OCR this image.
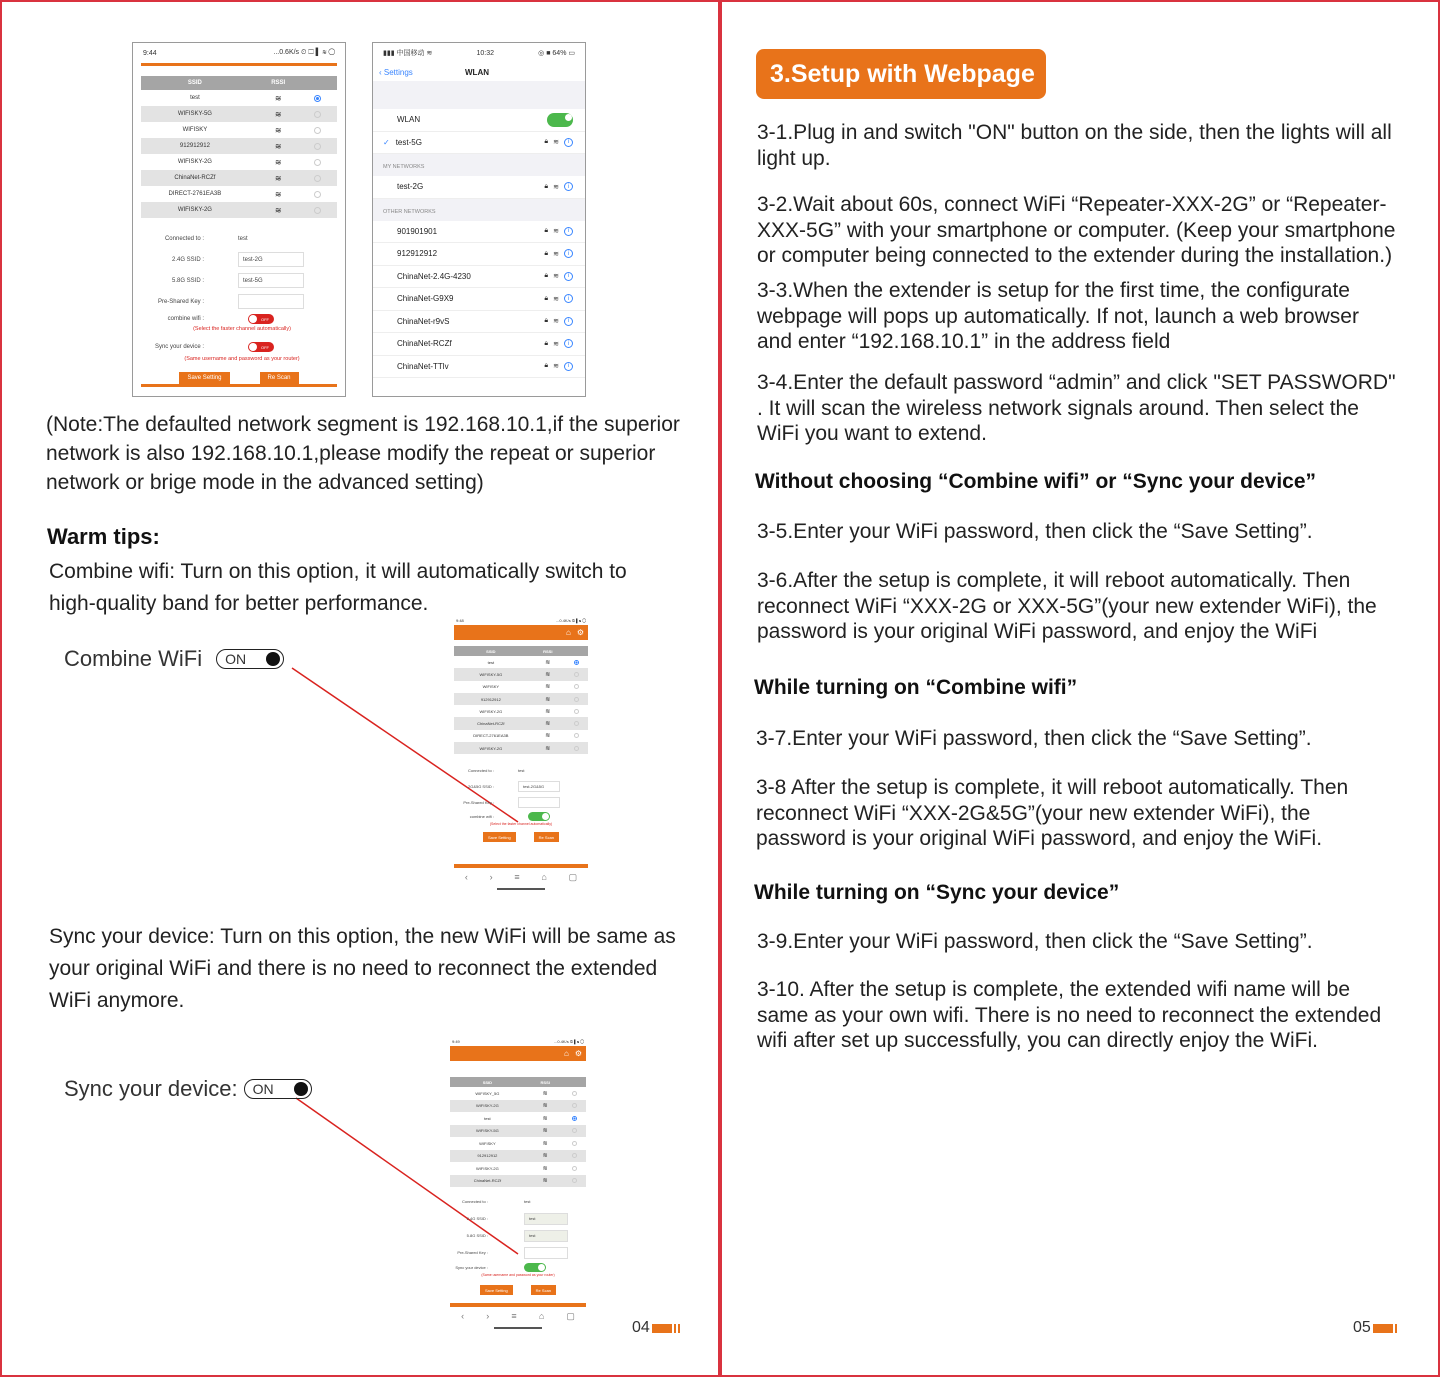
9:44	...0.6K/s ⏲ ☐ ▌ ≋ ◯
SSID	RSSI
test	≋
WIFISKY-5G	≋
WIFISKY	≋
912912912	≋
WIFISKY-2G	≋
ChinaNet-RCZf	≋
DIRECT-2761EA3B	≋
WIFISKY-2G	≋
Connected to :	test
2.4G SSID :	test-2G
5.8G SSID :	test-5G
Pre-Shared Key :
combine wifi :	OFF
(Select the faster channel automatically)
Sync your device :	OFF
(Same username and password as your router)
Save Setting	Re Scan
▮▮▮ 中国移动 ≋	10:32	◎ ■ 64% ▭
‹ Settings	WLAN
WLAN
✓ test-5G	🔒︎ ≋	i
MY NETWORKS
test-2G	🔒︎ ≋	i
OTHER NETWORKS
901901901	🔒︎ ≋	i
912912912	🔒︎ ≋	i
ChinaNet-2.4G-4230	🔒︎ ≋	i
ChinaNet-G9X9	🔒︎ ≋	i
ChinaNet-r9vS	🔒︎ ≋	i
ChinaNet-RCZf	🔒︎ ≋	i
ChinaNet-TTlv	🔒︎ ≋	i
(Note:The defaulted network segment is 192.168.10.1,if the superior network is also 192.168.10.1,please modify the repeat or superior network or brige mode in the advanced setting)
Warm tips:
Combine wifi: Turn on this option, it will automatically switch to high-quality band for better performance.
Combine WiFi ON
9:48	...0.4K/s ⏲ ▌≋ ◯
⌂ ⚙
SSID	RSSI
test	≋
WIFISKY-5G	≋
WIFISKY	≋
912912912	≋
WIFISKY-2G	≋
ChinaNet-RCZf	≋
DIRECT-2761EA3B	≋
WIFISKY-2G	≋
Connected to :	test
2G&5G SSID :	test-2G&5G
Pre-Shared Key :
combine wifi :
(Select the faster channel automatically)
Save Setting	Re Scan
‹ › ≡ ⌂ ▢
Sync your device: Turn on this option, the new WiFi will be same as your original WiFi and there is no need to reconnect the extended WiFi anymore.
Sync your device: ON
9:49	...0.4K/s ⏲ ▌≋ ◯
⌂ ⚙
SSID	RSSI
WIFISKY_5G	≋
WIFISKY-2G	≋
test	≋
WIFISKY-5G	≋
WIFISKY	≋
912912912	≋
WIFISKY-2G	≋
ChinaNet-RCZf	≋
Connected to :	test
2.4G SSID :	test
5.8G SSID :	test
Pre-Shared Key :
Sync your device :
(Same username and password as your router)
Save Setting	Re Scan
‹ › ≡ ⌂ ▢
04
3.Setup with Webpage
3-1.Plug in and switch "ON" button on the side, then the lights will all light up.
3-2.Wait about 60s, connect WiFi “Repeater-XXX-2G” or “Repeater-XXX-5G” with your smartphone or computer. (Keep your smartphone or computer being connected to the extender during the installation.)
3-3.When the extender is setup for the first time, the configurate webpage will pops up automatically. If not, launch a web browser and enter “192.168.10.1” in the address field
3-4.Enter the default password “admin” and click "SET PASSWORD" . It will scan the wireless network signals around. Then select the WiFi you want to extend.
Without choosing “Combine wifi” or “Sync your device”
3-5.Enter your WiFi password, then click the “Save Setting”.
3-6.After the setup is complete, it will reboot automatically. Then reconnect WiFi “XXX-2G or XXX-5G”(your new extender WiFi), the password is your original WiFi password, and enjoy the WiFi
While turning on “Combine wifi”
3-7.Enter your WiFi password, then click the “Save Setting”.
3-8 After the setup is complete, it will reboot automatically. Then reconnect WiFi “XXX-2G&5G”(your new extender WiFi), the password is your original WiFi password, and enjoy the WiFi.
While turning on “Sync your device”
3-9.Enter your WiFi password, then click the “Save Setting”.
3-10. After the setup is complete, the extended wifi name will be same as your own wifi. There is no need to reconnect the extended wifi after set up successfully, you can directly enjoy the WiFi.
05
